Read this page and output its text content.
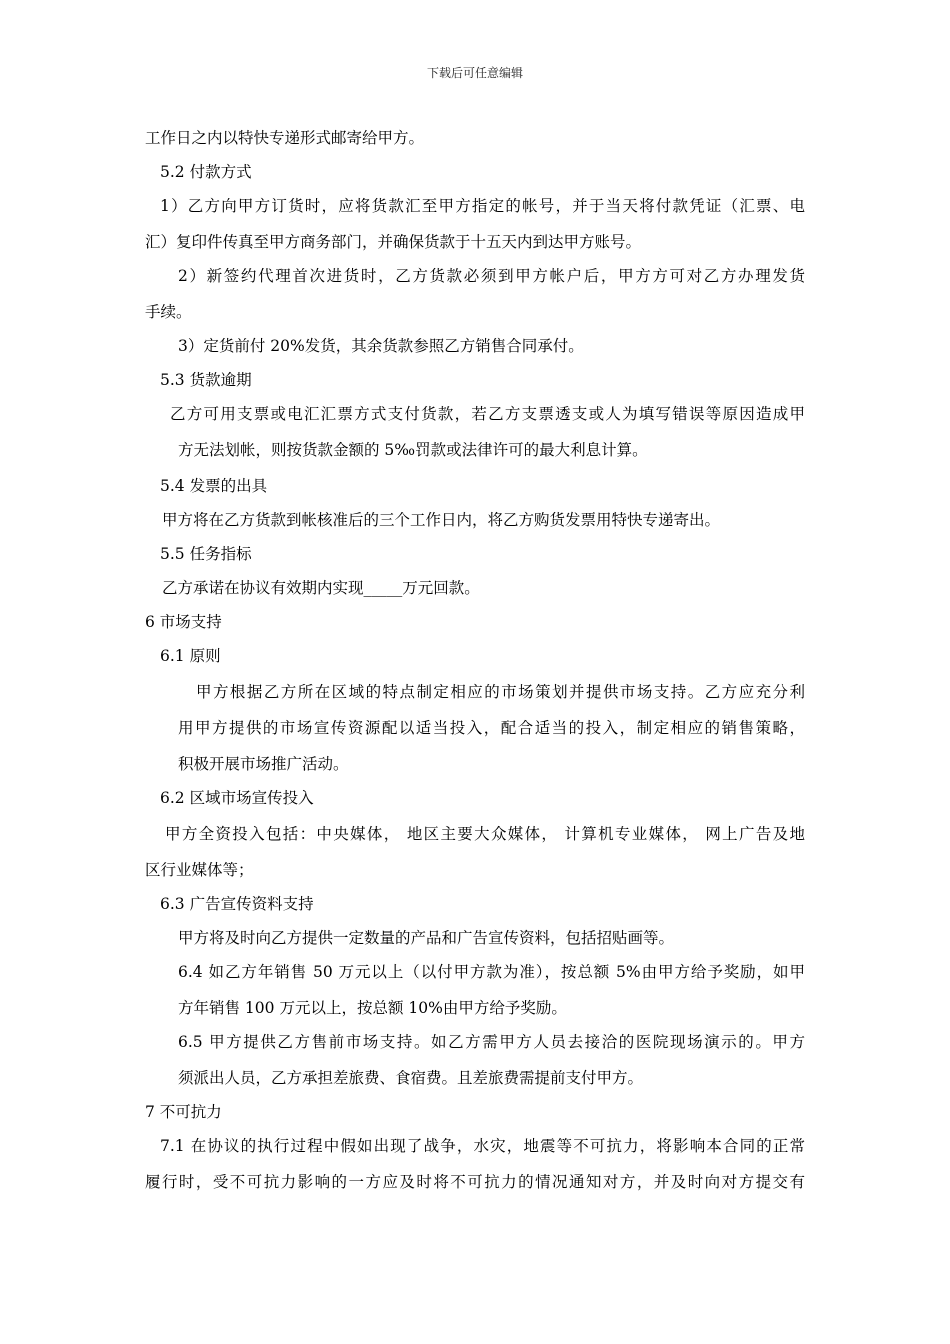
下载后可任意编辑
工作日之内以特快专递形式邮寄给甲方。
5.2 付款方式
1）乙方向甲方订货时，应将货款汇至甲方指定的帐号，并于当天将付款凭证（汇票、电
汇）复印件传真至甲方商务部门，并确保货款于十五天内到达甲方账号。
2）新签约代理首次进货时，乙方货款必须到甲方帐户后，甲方方可对乙方办理发货
手续。
3）定货前付 20%发货，其余货款参照乙方销售合同承付。
5.3 货款逾期
乙方可用支票或电汇汇票方式支付货款，若乙方支票透支或人为填写错误等原因造成甲
方无法划帐，则按货款金额的 5‰罚款或法律许可的最大利息计算。
5.4 发票的出具
甲方将在乙方货款到帐核准后的三个工作日内，将乙方购货发票用特快专递寄出。
5.5 任务指标
乙方承诺在协议有效期内实现_____万元回款。
6 市场支持
6.1 原则
甲方根据乙方所在区域的特点制定相应的市场策划并提供市场支持。乙方应充分利
用甲方提供的市场宣传资源配以适当投入，配合适当的投入，制定相应的销售策略，
积极开展市场推广活动。
6.2 区域市场宣传投入
甲方全资投入包括：中央媒体， 地区主要大众媒体， 计算机专业媒体， 网上广告及地
区行业媒体等；
6.3 广告宣传资料支持
甲方将及时向乙方提供一定数量的产品和广告宣传资料，包括招贴画等。
6.4 如乙方年销售 50 万元以上（以付甲方款为准），按总额 5%由甲方给予奖励，如甲
方年销售 100 万元以上，按总额 10%由甲方给予奖励。
6.5 甲方提供乙方售前市场支持。如乙方需甲方人员去接洽的医院现场演示的。甲方
须派出人员，乙方承担差旅费、食宿费。且差旅费需提前支付甲方。
7 不可抗力
7.1 在协议的执行过程中假如出现了战争，水灾，地震等不可抗力，将影响本合同的正常
履行时，受不可抗力影响的一方应及时将不可抗力的情况通知对方，并及时向对方提交有
